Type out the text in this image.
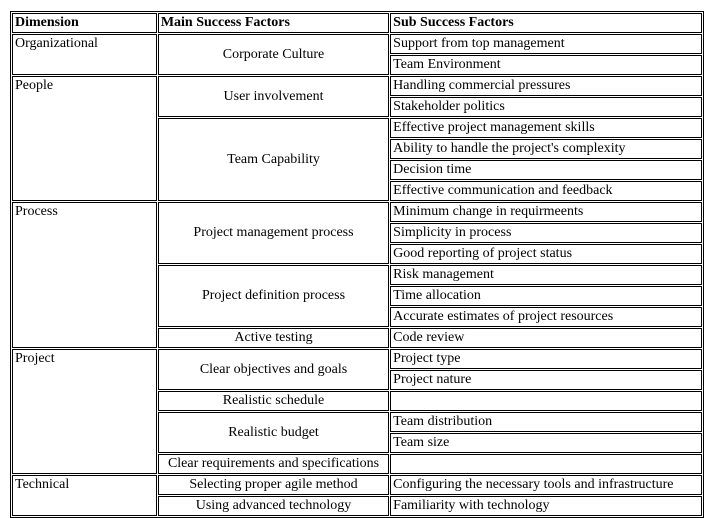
Dimension	Main Success Factors	Sub Success Factors
Organizational	Corporate Culture	Support from top management
		Team Environment
People	User involvement	Handling commercial pressures
		Stakeholder politics
	Team Capability	Effective project management skills
		Ability to handle the project's complexity
		Decision time
		Effective communication and feedback
Process	Project management process	Minimum change in requirmeents
		Simplicity in process
		Good reporting of project status
	Project definition process	Risk management
		Time allocation
		Accurate estimates of project resources
	Active testing	Code review
Project	Clear objectives and goals	Project type
		Project nature
	Realistic schedule	
	Realistic budget	Team distribution
		Team size
	Clear requirements and specifications	
Technical	Selecting proper agile method	Configuring the necessary tools and infrastructure
	Using advanced technology	Familiarity with technology
